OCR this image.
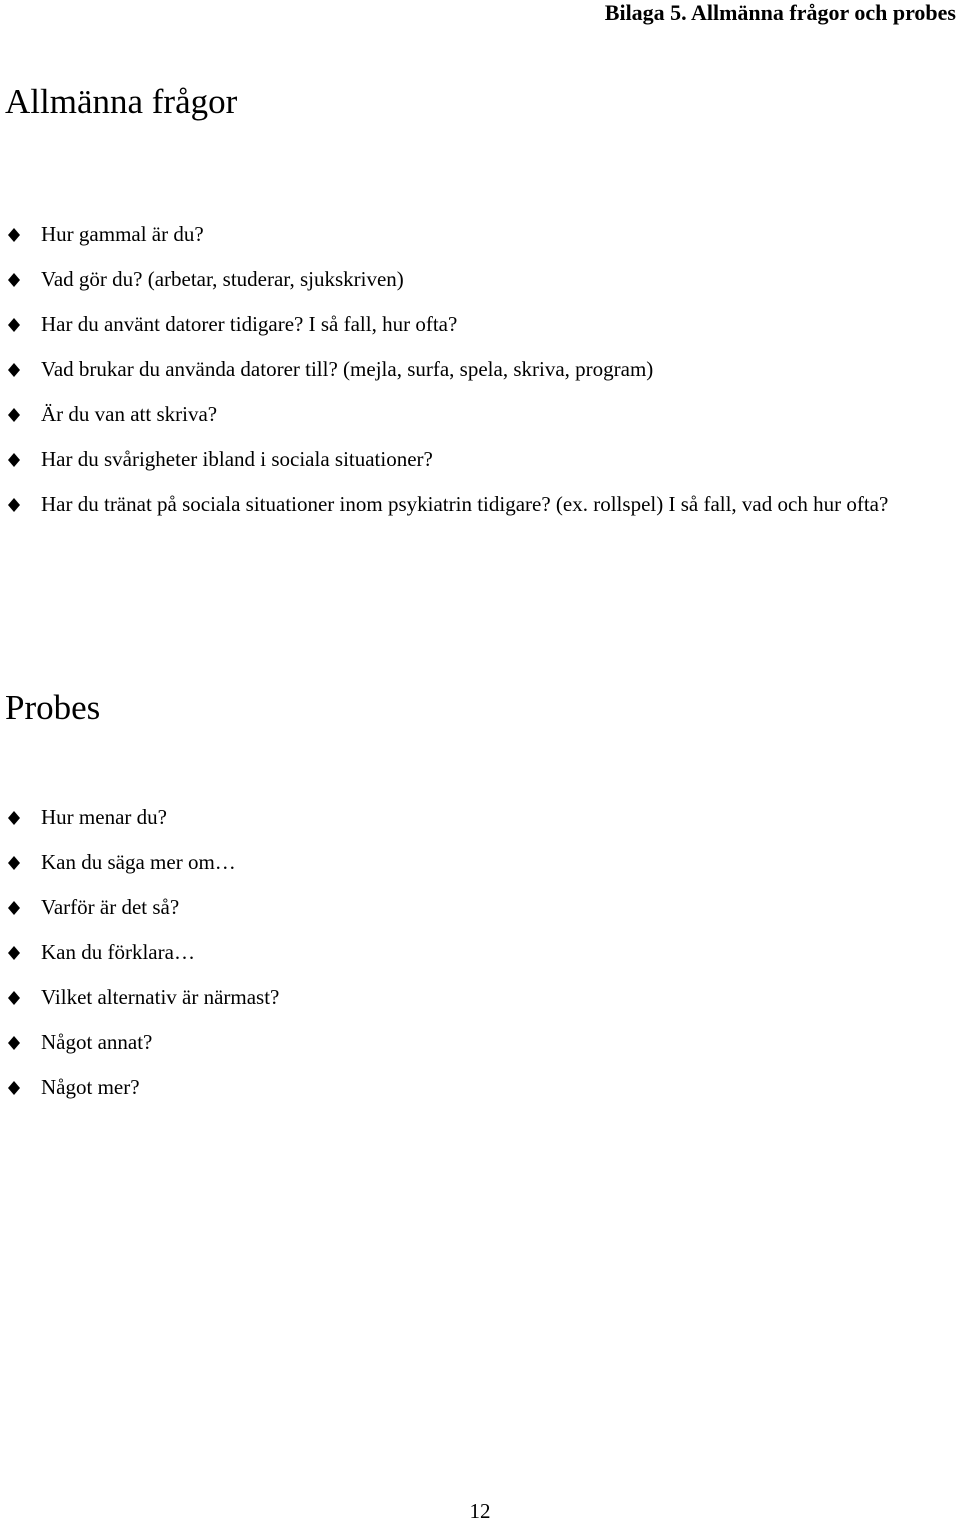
Bilaga 5. Allmänna frågor och probes
Allmänna frågor
Hur gammal är du?
Vad gör du? (arbetar, studerar, sjukskriven)
Har du använt datorer tidigare? I så fall, hur ofta?
Vad brukar du använda datorer till? (mejla, surfa, spela, skriva, program)
Är du van att skriva?
Har du svårigheter ibland i sociala situationer?
Har du tränat på sociala situationer inom psykiatrin tidigare? (ex. rollspel) I så fall, vad och hur ofta?
Probes
Hur menar du?
Kan du säga mer om…
Varför är det så?
Kan du förklara…
Vilket alternativ är närmast?
Något annat?
Något mer?
12
